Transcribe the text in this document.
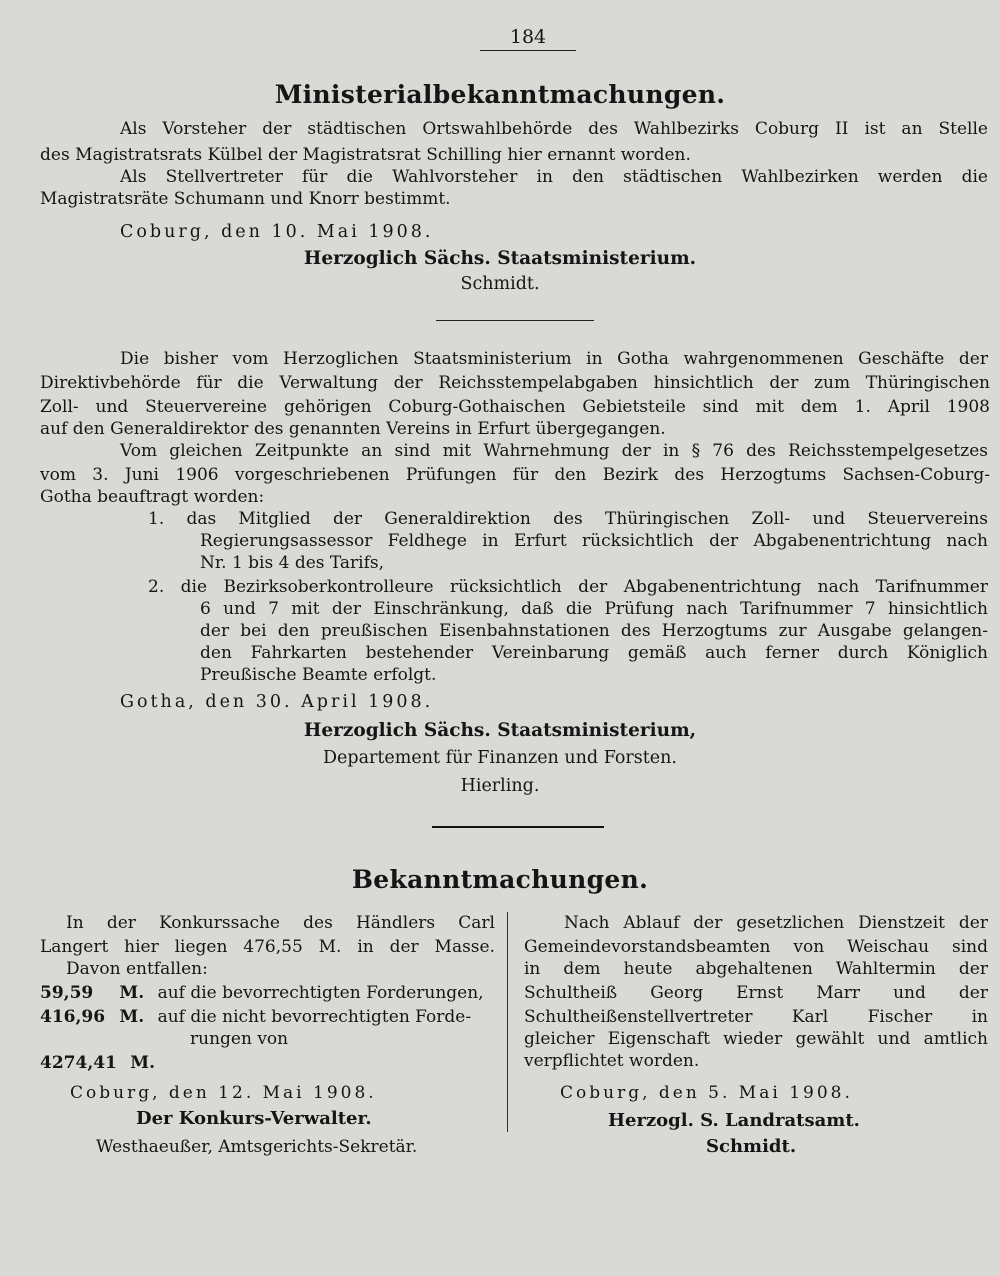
184
Ministerialbekanntmachungen.
Als Vorsteher der städtischen Ortswahlbehörde des Wahlbezirks Coburg II ist an Stelle
des Magistratsrats Külbel der Magistratsrat Schilling hier ernannt worden.
Als Stellvertreter für die Wahlvorsteher in den städtischen Wahlbezirken werden die
Magistratsräte Schumann und Knorr bestimmt.
Coburg, den 10. Mai 1908.
Herzoglich Sächs. Staatsministerium.
Schmidt.
Die bisher vom Herzoglichen Staatsministerium in Gotha wahrgenommenen Geschäfte der
Direktivbehörde für die Verwaltung der Reichsstempelabgaben hinsichtlich der zum Thüringischen
Zoll- und Steuervereine gehörigen Coburg-Gothaischen Gebietsteile sind mit dem 1. April 1908
auf den Generaldirektor des genannten Vereins in Erfurt übergegangen.
Vom gleichen Zeitpunkte an sind mit Wahrnehmung der in § 76 des Reichsstempelgesetzes
vom 3. Juni 1906 vorgeschriebenen Prüfungen für den Bezirk des Herzogtums Sachsen-Coburg-
Gotha beauftragt worden:
1. das Mitglied der Generaldirektion des Thüringischen Zoll- und Steuervereins
Regierungsassessor Feldhege in Erfurt rücksichtlich der Abgabenentrichtung nach
Nr. 1 bis 4 des Tarifs,
2. die Bezirksoberkontrolleure rücksichtlich der Abgabenentrichtung nach Tarifnummer
6 und 7 mit der Einschränkung, daß die Prüfung nach Tarifnummer 7 hinsichtlich
der bei den preußischen Eisenbahnstationen des Herzogtums zur Ausgabe gelangen-
den Fahrkarten bestehender Vereinbarung gemäß auch ferner durch Königlich
Preußische Beamte erfolgt.
Gotha, den 30. April 1908.
Herzoglich Sächs. Staatsministerium,
Departement für Finanzen und Forsten.
Hierling.
Bekanntmachungen.
In der Konkurssache des Händlers Carl
Langert hier liegen 476,55 M. in der Masse.
Davon entfallen:
59,59 M. auf die bevorrechtigten Forderungen,
416,96 M. auf die nicht bevorrechtigten Forde-
rungen von
4274,41 M.
Coburg, den 12. Mai 1908.
Der Konkurs-Verwalter.
Westhaeußer, Amtsgerichts-Sekretär.
Nach Ablauf der gesetzlichen Dienstzeit der
Gemeindevorstandsbeamten von Weischau sind
in dem heute abgehaltenen Wahltermin der
Schultheiß Georg Ernst Marr und der
Schultheißenstellvertreter Karl Fischer in
gleicher Eigenschaft wieder gewählt und amtlich
verpflichtet worden.
Coburg, den 5. Mai 1908.
Herzogl. S. Landratsamt.
Schmidt.
